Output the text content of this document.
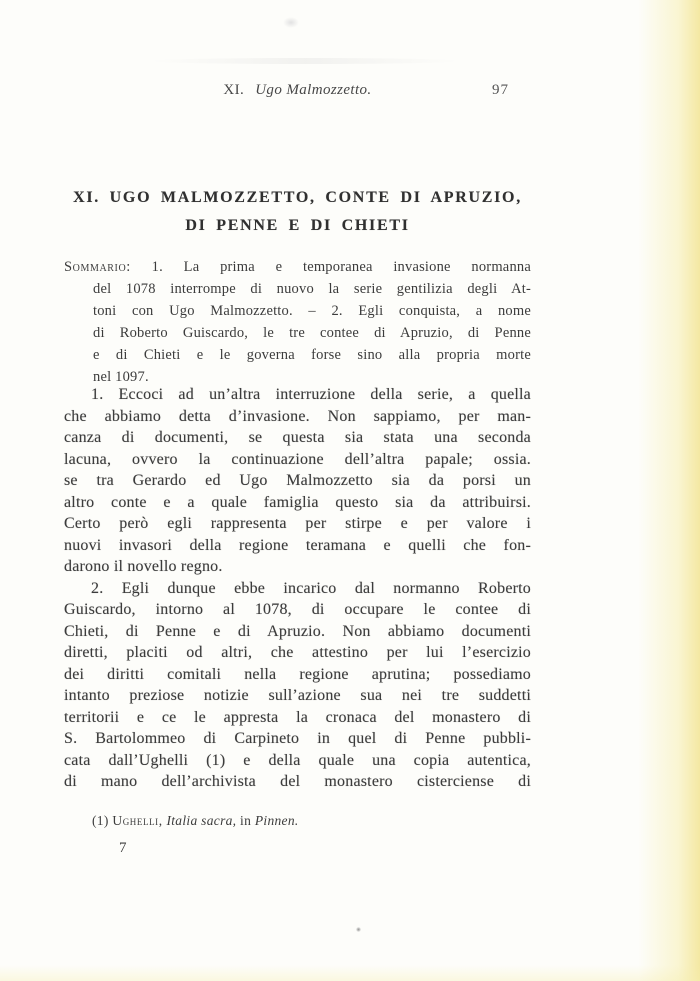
XI. Ugo Malmozzetto.	97
XI. UGO MALMOZZETTO, CONTE DI APRUZIO,
DI PENNE E DI CHIETI
Sommario: 1. La prima e temporanea invasione normanna
del 1078 interrompe di nuovo la serie gentilizia degli At-
toni con Ugo Malmozzetto. – 2. Egli conquista, a nome
di Roberto Guiscardo, le tre contee di Apruzio, di Penne
e di Chieti e le governa forse sino alla propria morte
nel 1097.
1. Eccoci ad un’altra interruzione della serie, a quella
che abbiamo detta d’invasione. Non sappiamo, per man-
canza di documenti, se questa sia stata una seconda
lacuna, ovvero la continuazione dell’altra papale; ossia.
se tra Gerardo ed Ugo Malmozzetto sia da porsi un
altro conte e a quale famiglia questo sia da attribuirsi.
Certo però egli rappresenta per stirpe e per valore i
nuovi invasori della regione teramana e quelli che fon-
darono il novello regno.
2. Egli dunque ebbe incarico dal normanno Roberto
Guiscardo, intorno al 1078, di occupare le contee di
Chieti, di Penne e di Apruzio. Non abbiamo documenti
diretti, placiti od altri, che attestino per lui l’esercizio
dei diritti comitali nella regione aprutina; possediamo
intanto preziose notizie sull’azione sua nei tre suddetti
territorii e ce le appresta la cronaca del monastero di
S. Bartolommeo di Carpineto in quel di Penne pubbli-
cata dall’Ughelli (1) e della quale una copia autentica,
di mano dell’archivista del monastero cisterciense di
(1) Ughelli, Italia sacra, in Pinnen.
7
